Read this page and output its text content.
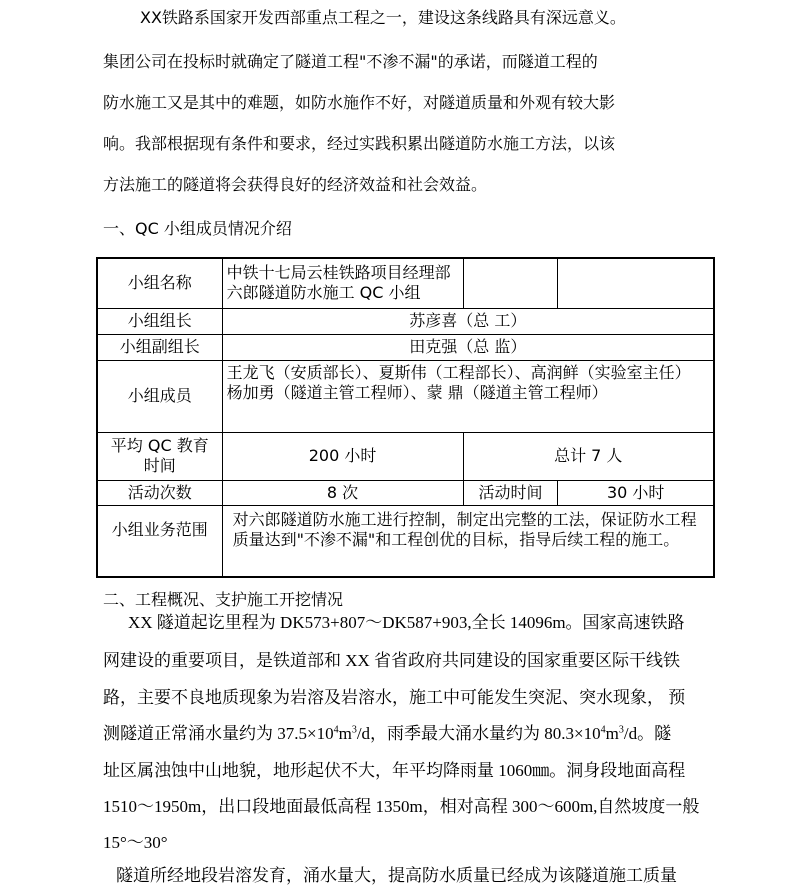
XX铁路系国家开发西部重点工程之一，建设这条线路具有深远意义。
集团公司在投标时就确定了隧道工程"不渗不漏"的承诺，而隧道工程的
防水施工又是其中的难题，如防水施作不好，对隧道质量和外观有较大影
响。我部根据现有条件和要求，经过实践积累出隧道防水施工方法，以该
方法施工的隧道将会获得良好的经济效益和社会效益。
一、QC 小组成员情况介绍
小组名称	中铁十七局云桂铁路项目经理部
六郎隧道防水施工 QC 小组		

小组组长	苏彦喜（总 工）		
小组副组长	田克强（总 监）		
小组成员	王龙飞（安质部长）、夏斯伟（工程部长）、高润鲜（实验室主任）
杨加勇（隧道主管工程师）、蒙 鼎（隧道主管工程师）		

平均 QC 教育
时间	200 小时	总计 7 人	
活动次数	8 次	活动时间	30 小时
小组业务范围	对六郎隧道防水施工进行控制，制定出完整的工法，保证防水工程
质量达到"不渗不漏"和工程创优的目标，指导后续工程的施工。		
二、工程概况、支护施工开挖情况
XX 隧道起讫里程为 DK573+807～DK587+903,全长 14096m。国家高速铁路
网建设的重要项目，是铁道部和 XX 省省政府共同建设的国家重要区际干线铁
路，主要不良地质现象为岩溶及岩溶水，施工中可能发生突泥、突水现象， 预
测隧道正常涌水量约为 $37.5\times 10^4m^3/d$，雨季最大涌水量约为 $80.3\times 10^4m^3/d$。隧
址区属浊蚀中山地貌，地形起伏不大，年平均降雨量 1060㎜。洞身段地面高程
1510～1950m，出口段地面最低高程 1350m，相对高程 300～600m,自然坡度一般
15°～30°
隧道所经地段岩溶发育，涌水量大，提高防水质量已经成为该隧道施工质量
